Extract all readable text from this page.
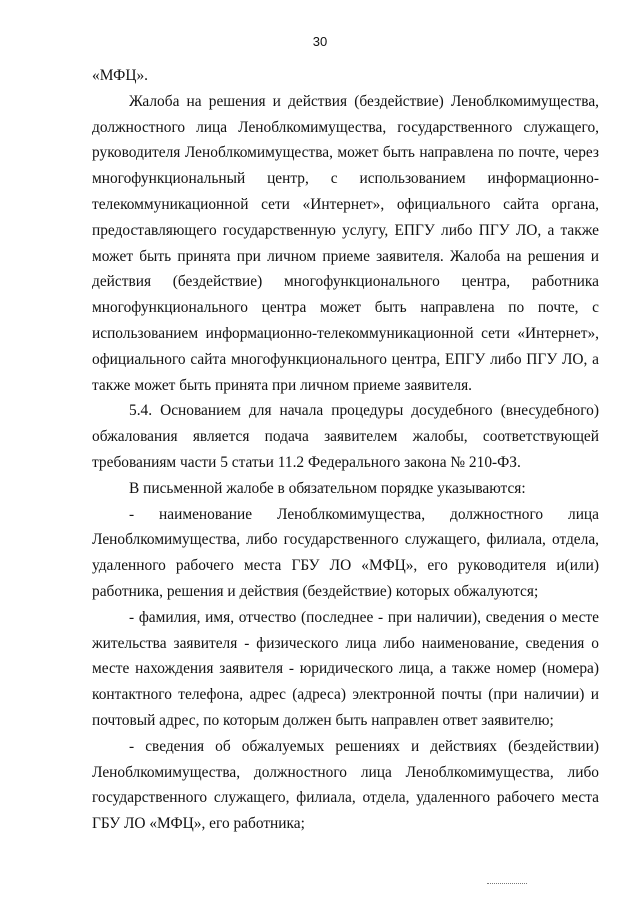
30
«МФЦ».
Жалоба на решения и действия (бездействие) Леноблкомимущества,
должностного лица Леноблкомимущества, государственного служащего,
руководителя Леноблкомимущества, может быть направлена по почте, через
многофункциональный центр, с использованием информационно-
телекоммуникационной сети «Интернет», официального сайта органа,
предоставляющего государственную услугу, ЕПГУ либо ПГУ ЛО, а также
может быть принята при личном приеме заявителя. Жалоба на решения и
действия (бездействие) многофункционального центра, работника
многофункционального центра может быть направлена по почте, с
использованием информационно-телекоммуникационной сети «Интернет»,
официального сайта многофункционального центра, ЕПГУ либо ПГУ ЛО, а
также может быть принята при личном приеме заявителя.
5.4. Основанием для начала процедуры досудебного (внесудебного)
обжалования является подача заявителем жалобы, соответствующей
требованиям части 5 статьи 11.2 Федерального закона № 210-ФЗ.
В письменной жалобе в обязательном порядке указываются:
- наименование Леноблкомимущества, должностного лица
Леноблкомимущества, либо государственного служащего, филиала, отдела,
удаленного рабочего места ГБУ ЛО «МФЦ», его руководителя и(или)
работника, решения и действия (бездействие) которых обжалуются;
- фамилия, имя, отчество (последнее - при наличии), сведения о месте
жительства заявителя - физического лица либо наименование, сведения о
месте нахождения заявителя - юридического лица, а также номер (номера)
контактного телефона, адрес (адреса) электронной почты (при наличии) и
почтовый адрес, по которым должен быть направлен ответ заявителю;
- сведения об обжалуемых решениях и действиях (бездействии)
Леноблкомимущества, должностного лица Леноблкомимущества, либо
государственного служащего, филиала, отдела, удаленного рабочего места
ГБУ ЛО «МФЦ», его работника;
